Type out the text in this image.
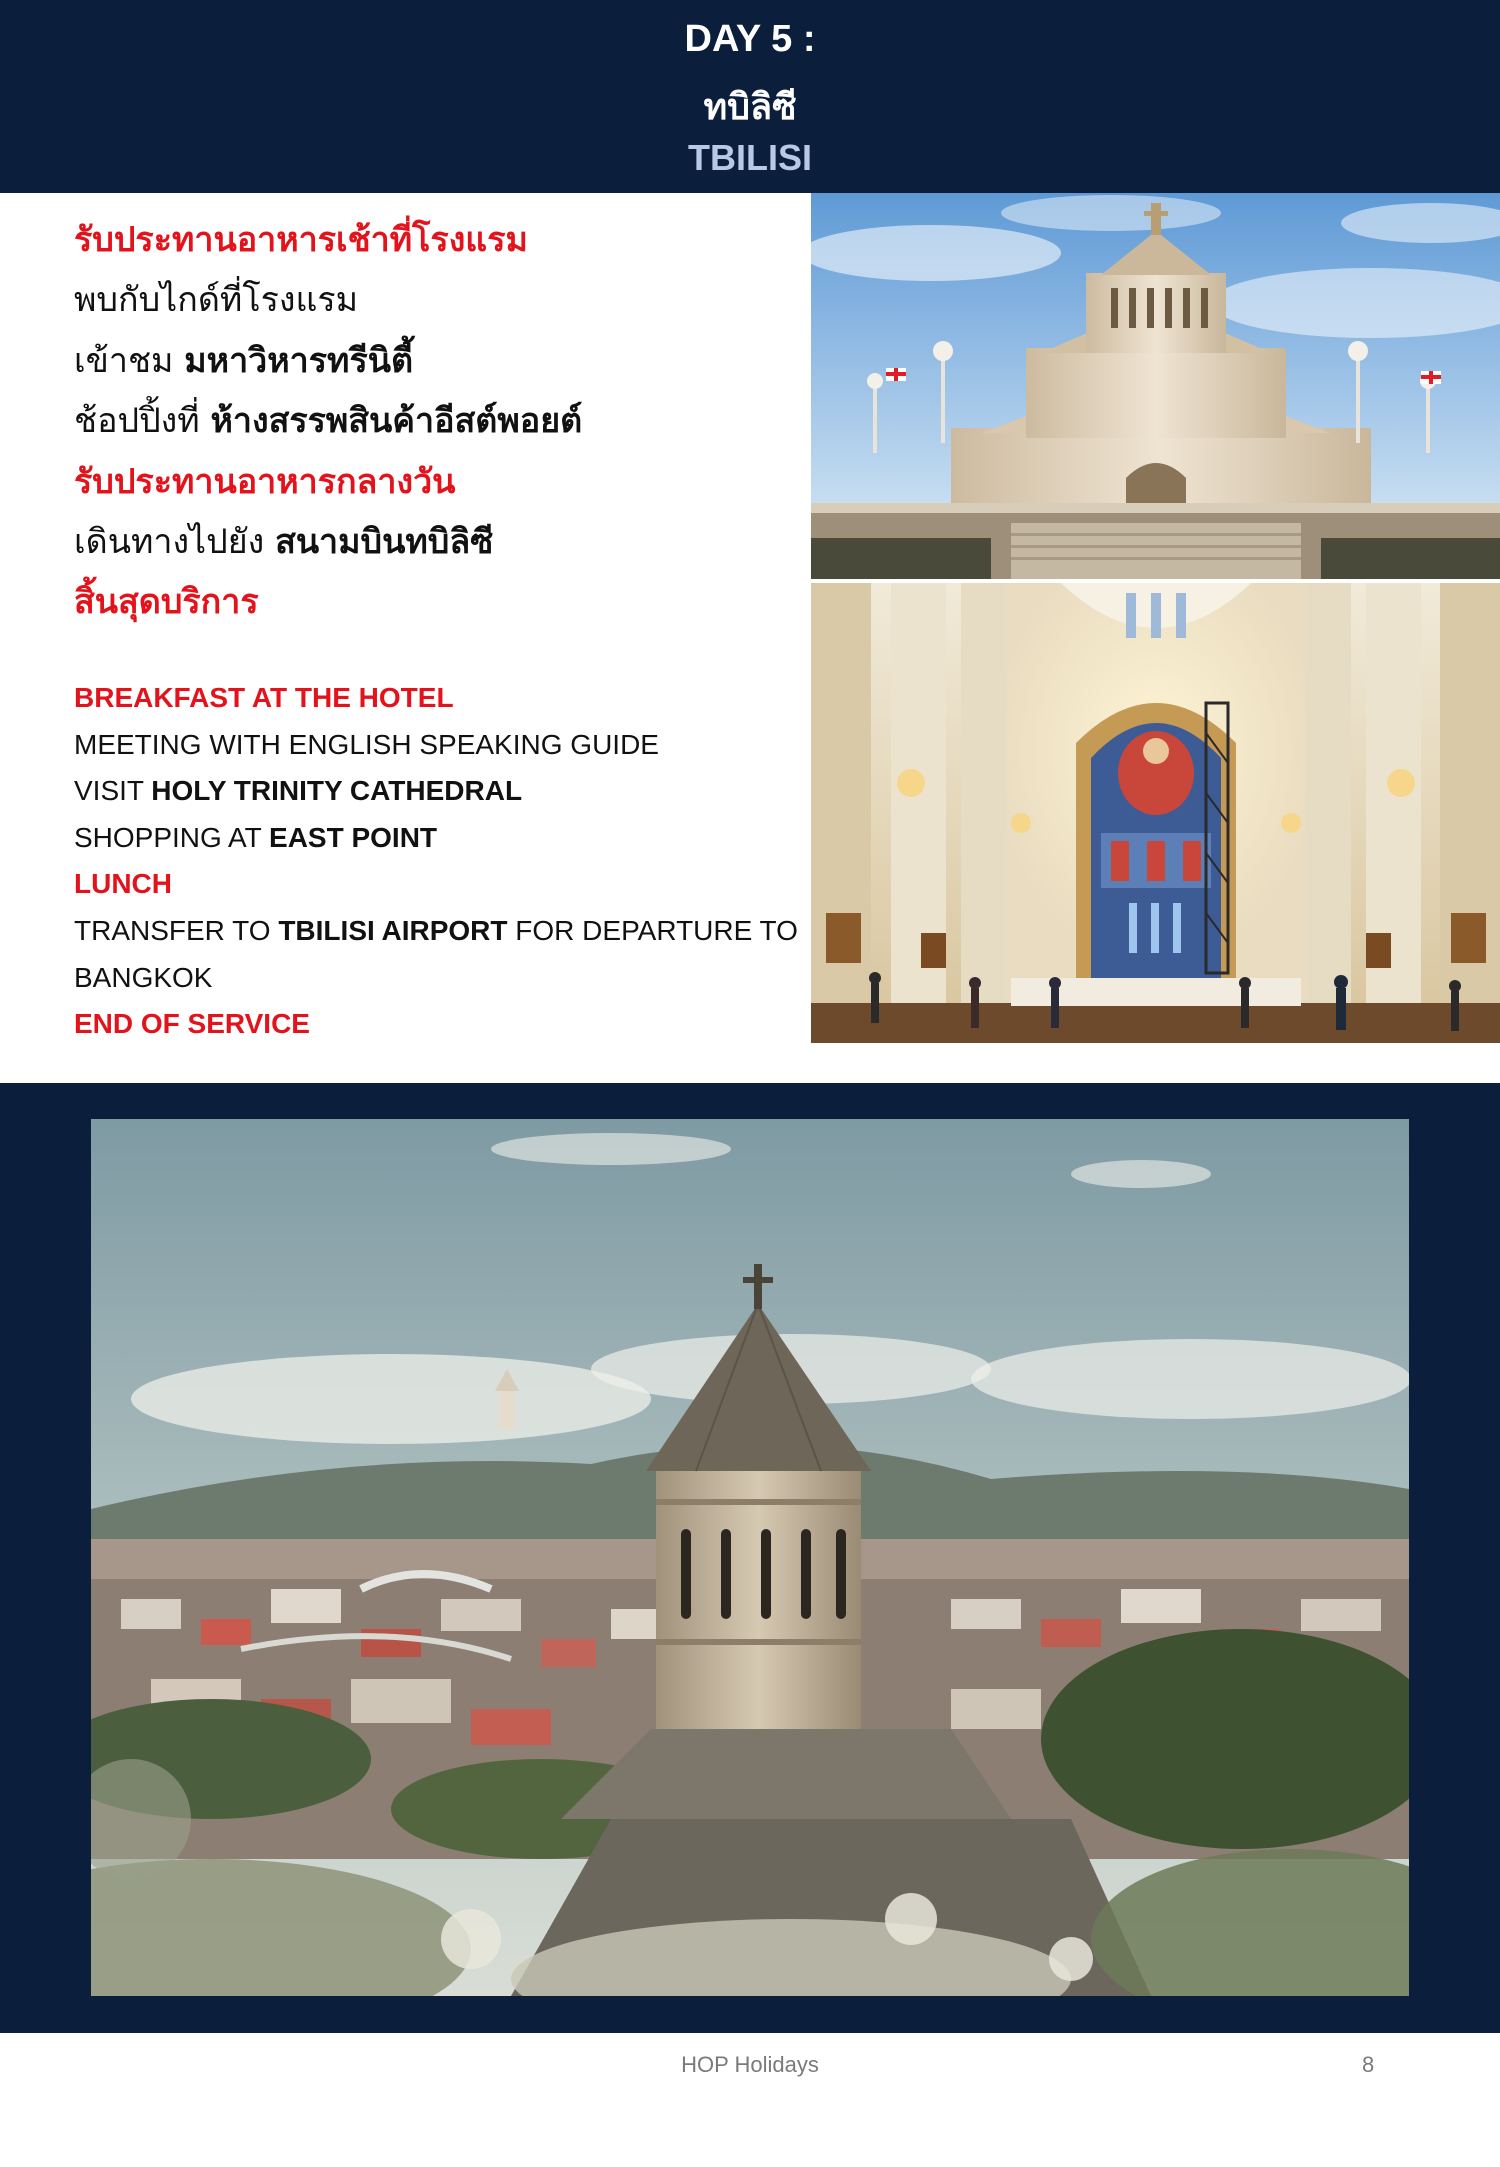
DAY 5 :
ทบิลิซี
TBILISI
รับประทานอาหารเช้าที่โรงแรม
พบกับไกด์ที่โรงแรม
เข้าชม มหาวิหารทรีนิตี้
ช้อปปิ้งที่ ห้างสรรพสินค้าอีสต์พอยต์
รับประทานอาหารกลางวัน
เดินทางไปยัง สนามบินทบิลิซี
สิ้นสุดบริการ
BREAKFAST AT THE HOTEL
MEETING WITH ENGLISH SPEAKING GUIDE
VISIT HOLY TRINITY CATHEDRAL
SHOPPING AT EAST POINT
LUNCH
TRANSFER TO TBILISI AIRPORT FOR DEPARTURE TO
BANGKOK
END OF SERVICE
HOP Holidays	8
